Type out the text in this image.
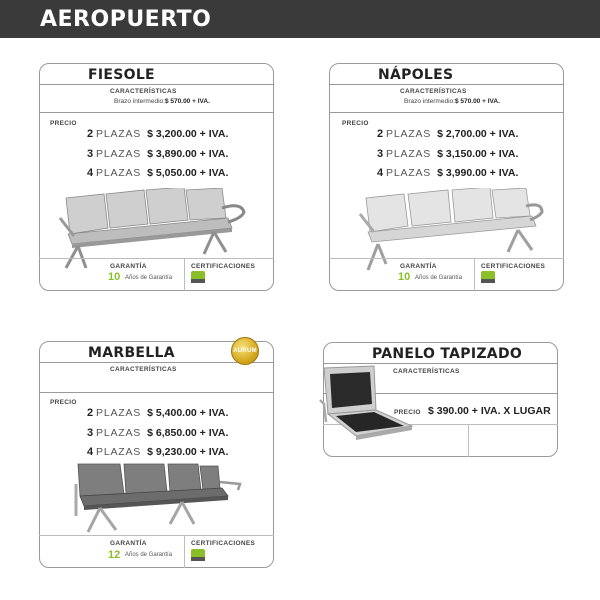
AEROPUERTO
FIESOLE
CARACTERÍSTICAS
Brazo intermedio: $ 570.00 + IVA.
PRECIO
2 PLAZAS $ 3,200.00 + IVA.
3 PLAZAS $ 3,890.00 + IVA.
4 PLAZAS $ 5,050.00 + IVA.
GARANTÍA
10 Años de Garantía
CERTIFICACIONES
NÁPOLES
CARACTERÍSTICAS
Brazo intermedio: $ 570.00 + IVA.
PRECIO
2 PLAZAS $ 2,700.00 + IVA.
3 PLAZAS $ 3,150.00 + IVA.
4 PLAZAS $ 3,990.00 + IVA.
GARANTÍA
10 Años de Garantía
CERTIFICACIONES
MARBELLA	AURUM
CARACTERÍSTICAS
PRECIO
2 PLAZAS $ 5,400.00 + IVA.
3 PLAZAS $ 6,850.00 + IVA.
4 PLAZAS $ 9,230.00 + IVA.
GARANTÍA
12 Años de Garantía
CERTIFICACIONES
PANELO TAPIZADO
CARACTERÍSTICAS
PRECIO $ 390.00 + IVA. X LUGAR
